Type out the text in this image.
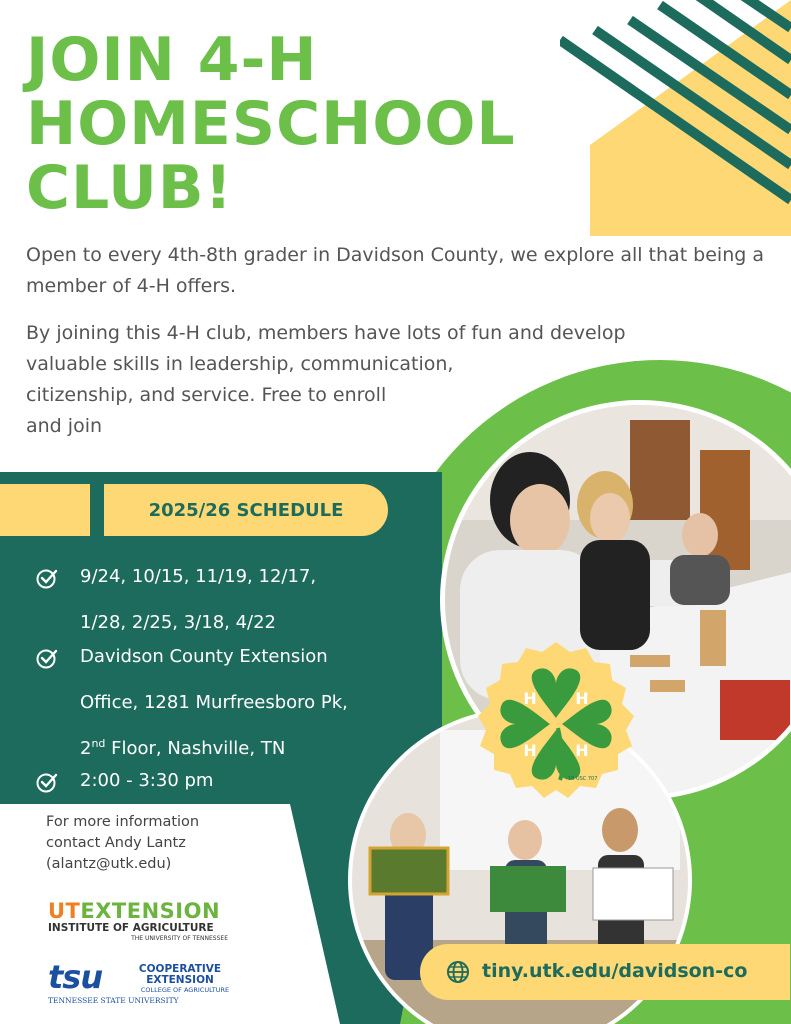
H H
H H
18 USC 707
JOIN 4-H
HOMESCHOOL
CLUB!
Open to every 4th-8th grader in Davidson County, we explore all that being a member of 4-H offers.
By joining this 4-H club, members have lots of fun and develop
valuable skills in leadership, communication,
citizenship, and service. Free to enroll
and join
2025/26 SCHEDULE
9/24, 10/15, 11/19, 12/17,
1/28, 2/25, 3/18, 4/22
Davidson County Extension
Office, 1281 Murfreesboro Pk,
2nd Floor, Nashville, TN
2:00 - 3:30 pm
For more information
contact Andy Lantz
(alantz@utk.edu)
UTEXTENSION
INSTITUTE OF AGRICULTURE
THE UNIVERSITY OF TENNESSEE
tsu	COOPERATIVE
EXTENSION
COLLEGE OF AGRICULTURE
TENNESSEE STATE UNIVERSITY
tiny.utk.edu/davidson-co
